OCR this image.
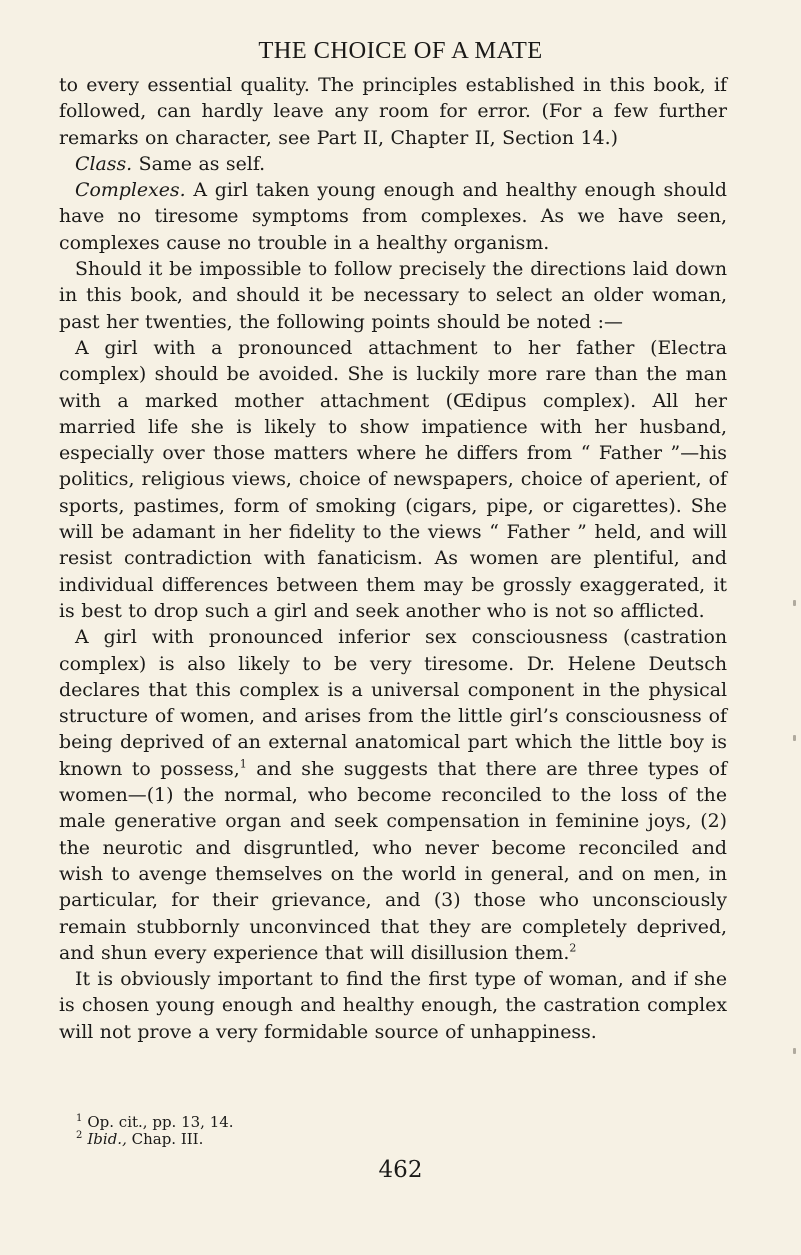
THE CHOICE OF A MATE

to every essential quality. The principles established in this book, if followed, can hardly leave any room for error. (For a few further remarks on character, see Part II, Chapter II, Section 14.)

Class. Same as self.

Complexes. A girl taken young enough and healthy enough should have no tiresome symptoms from complexes. As we have seen, complexes cause no trouble in a healthy organism.

Should it be impossible to follow precisely the directions laid down in this book, and should it be necessary to select an older woman, past her twenties, the following points should be noted :—

A girl with a pronounced attachment to her father (Electra complex) should be avoided. She is luckily more rare than the man with a marked mother attachment (Œdipus complex). All her married life she is likely to show impatience with her husband, especially over those matters where he differs from “ Father ”—his politics, religious views, choice of newspapers, choice of aperient, of sports, pastimes, form of smoking (cigars, pipe, or cigarettes). She will be adamant in her fidelity to the views “ Father ” held, and will resist contradiction with fanaticism. As women are plentiful, and individual differences between them may be grossly exaggerated, it is best to drop such a girl and seek another who is not so afflicted.

A girl with pronounced inferior sex consciousness (castration complex) is also likely to be very tiresome. Dr. Helene Deutsch declares that this complex is a universal component in the physical structure of women, and arises from the little girl’s consciousness of being deprived of an external anatomical part which the little boy is known to possess,$^1$ and she suggests that there are three types of women—(1) the normal, who become reconciled to the loss of the male generative organ and seek compensation in feminine joys, (2) the neurotic and disgruntled, who never become reconciled and wish to avenge themselves on the world in general, and on men, in particular, for their grievance, and (3) those who unconsciously remain stubbornly unconvinced that they are completely deprived, and shun every experience that will disillusion them.$^2$

It is obviously important to find the first type of woman, and if she is chosen young enough and healthy enough, the castration complex will not prove a very formidable source of unhappiness.

$^1$ Op. cit., pp. 13, 14.

$^2$ Ibid., Chap. III.

462
